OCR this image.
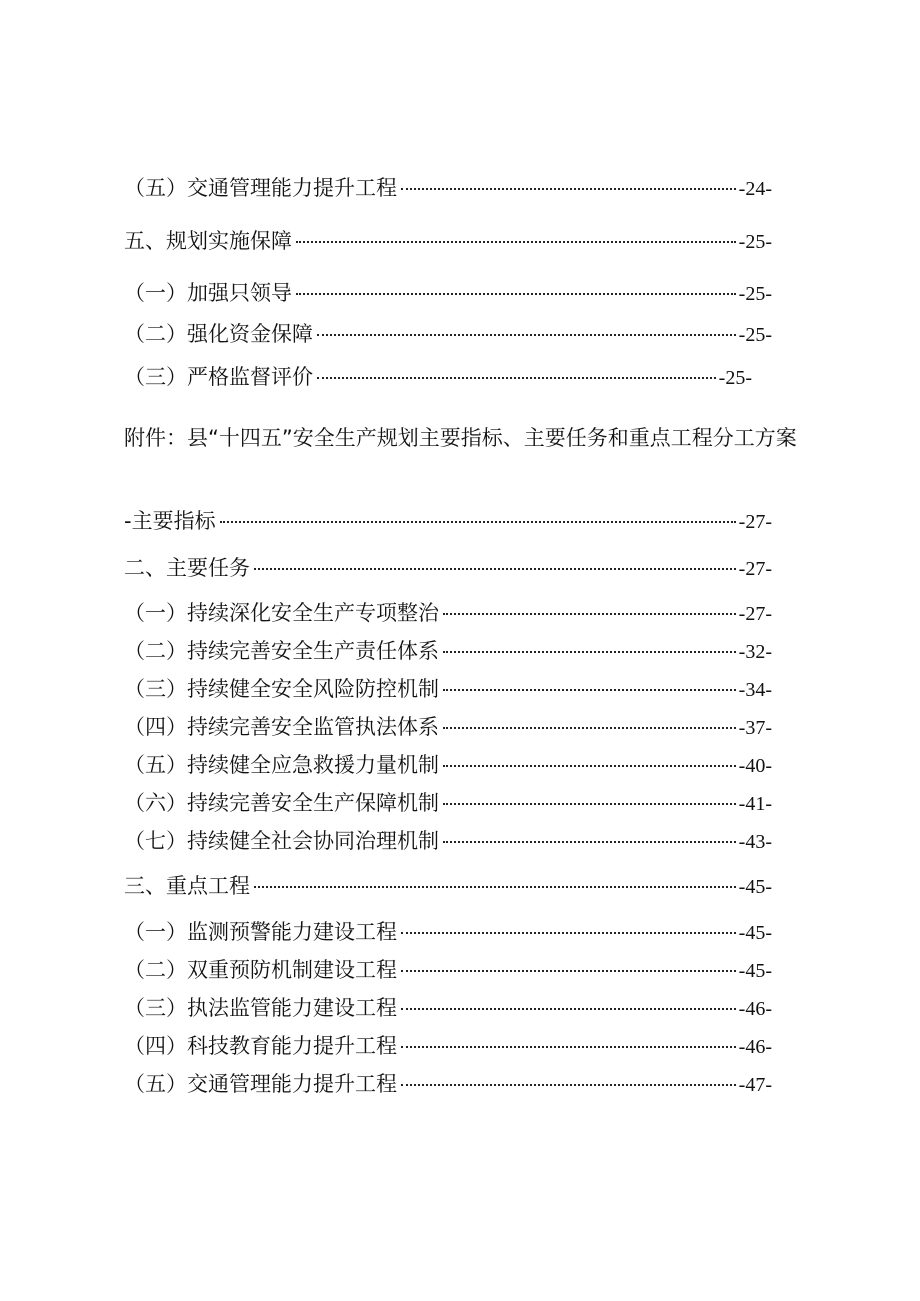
（五）交通管理能力提升工程	-24-
五、规划实施保障	-25-
（一）加强只领导	-25-
（二）强化资金保障	-25-
（三）严格监督评价	-25-
附件：县“十四五”安全生产规划主要指标、主要任务和重点工程分工方案
-主要指标	-27-
二、主要任务	-27-
（一）持续深化安全生产专项整治	-27-
（二）持续完善安全生产责任体系	-32-
（三）持续健全安全风险防控机制	-34-
（四）持续完善安全监管执法体系	-37-
（五）持续健全应急救援力量机制	-40-
（六）持续完善安全生产保障机制	-41-
（七）持续健全社会协同治理机制	-43-
三、重点工程	-45-
（一）监测预警能力建设工程	-45-
（二）双重预防机制建设工程	-45-
（三）执法监管能力建设工程	-46-
（四）科技教育能力提升工程	-46-
（五）交通管理能力提升工程	-47-
